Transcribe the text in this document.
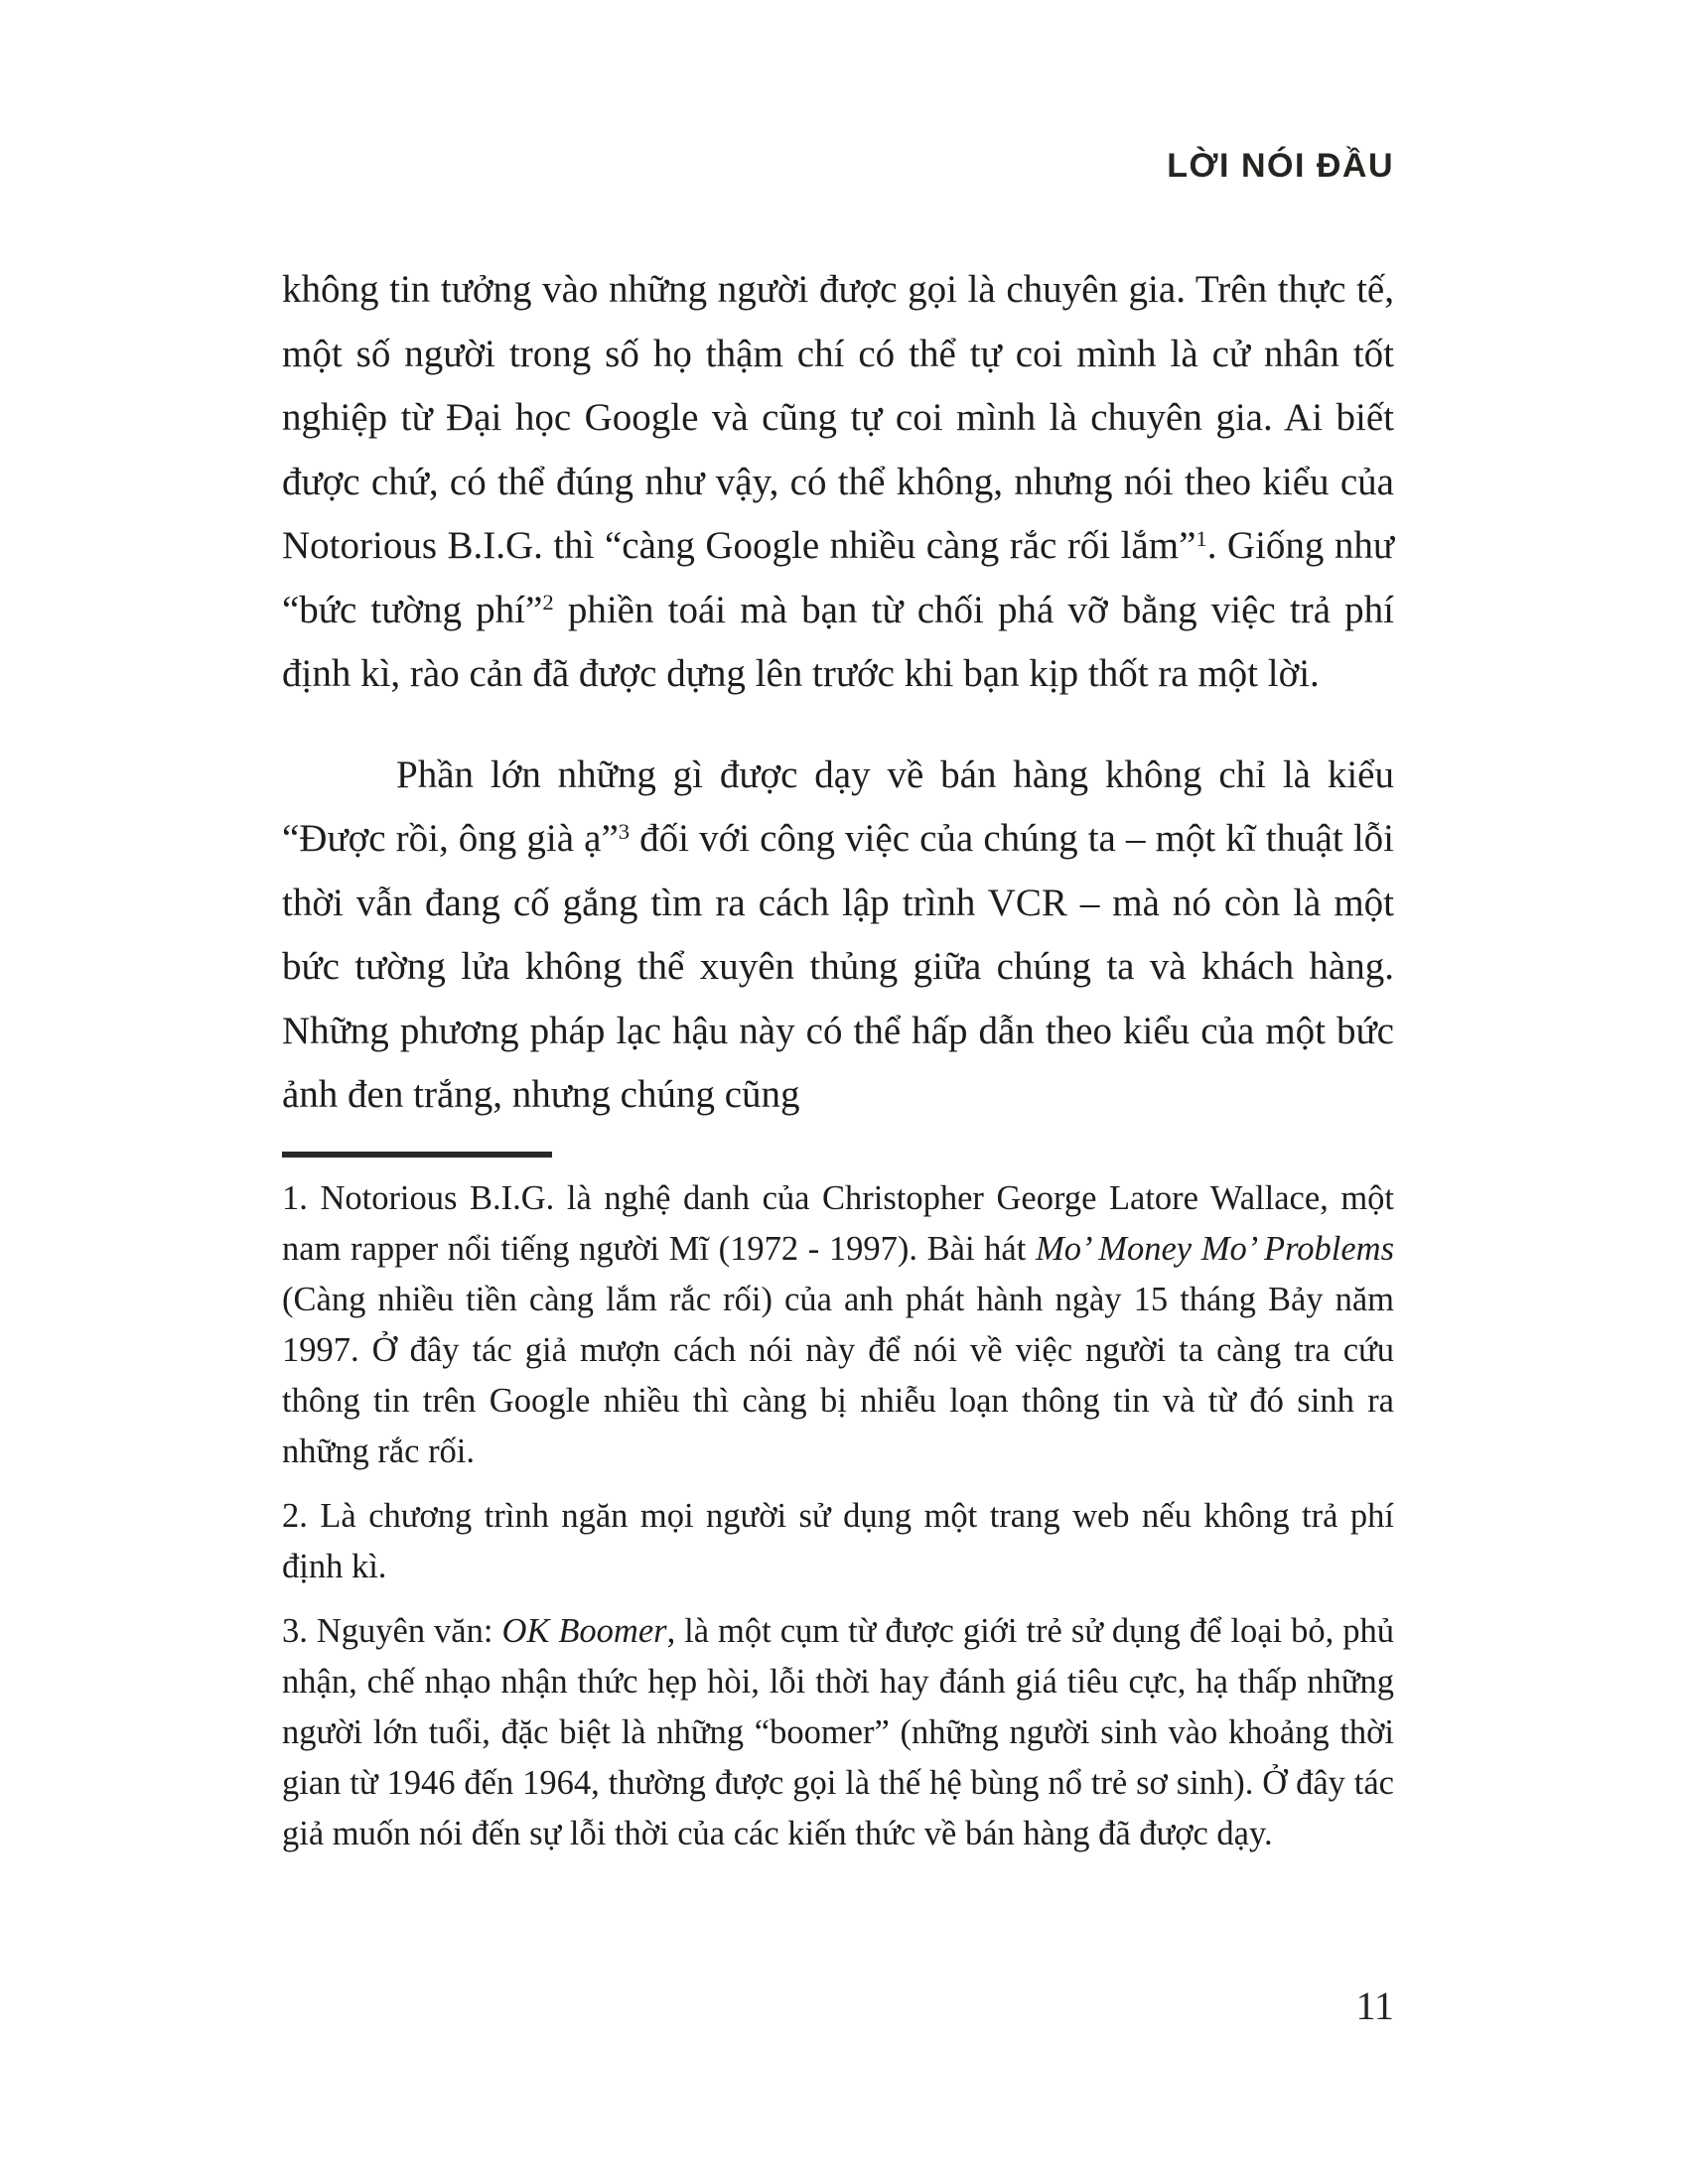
LỜI NÓI ĐẦU

không tin tưởng vào những người được gọi là chuyên gia. Trên thực tế, một số người trong số họ thậm chí có thể tự coi mình là cử nhân tốt nghiệp từ Đại học Google và cũng tự coi mình là chuyên gia. Ai biết được chứ, có thể đúng như vậy, có thể không, nhưng nói theo kiểu của Notorious B.I.G. thì “càng Google nhiều càng rắc rối lắm”$^1$. Giống như “bức tường phí”$^2$ phiền toái mà bạn từ chối phá vỡ bằng việc trả phí định kì, rào cản đã được dựng lên trước khi bạn kịp thốt ra một lời.

Phần lớn những gì được dạy về bán hàng không chỉ là kiểu “Được rồi, ông già ạ”$^3$ đối với công việc của chúng ta – một kĩ thuật lỗi thời vẫn đang cố gắng tìm ra cách lập trình VCR – mà nó còn là một bức tường lửa không thể xuyên thủng giữa chúng ta và khách hàng. Những phương pháp lạc hậu này có thể hấp dẫn theo kiểu của một bức ảnh đen trắng, nhưng chúng cũng

1. Notorious B.I.G. là nghệ danh của Christopher George Latore Wallace, một nam rapper nổi tiếng người Mĩ (1972 - 1997). Bài hát Mo’ Money Mo’ Problems (Càng nhiều tiền càng lắm rắc rối) của anh phát hành ngày 15 tháng Bảy năm 1997. Ở đây tác giả mượn cách nói này để nói về việc người ta càng tra cứu thông tin trên Google nhiều thì càng bị nhiễu loạn thông tin và từ đó sinh ra những rắc rối.

2. Là chương trình ngăn mọi người sử dụng một trang web nếu không trả phí định kì.

3. Nguyên văn: OK Boomer, là một cụm từ được giới trẻ sử dụng để loại bỏ, phủ nhận, chế nhạo nhận thức hẹp hòi, lỗi thời hay đánh giá tiêu cực, hạ thấp những người lớn tuổi, đặc biệt là những “boomer” (những người sinh vào khoảng thời gian từ 1946 đến 1964, thường được gọi là thế hệ bùng nổ trẻ sơ sinh). Ở đây tác giả muốn nói đến sự lỗi thời của các kiến thức về bán hàng đã được dạy.

11
